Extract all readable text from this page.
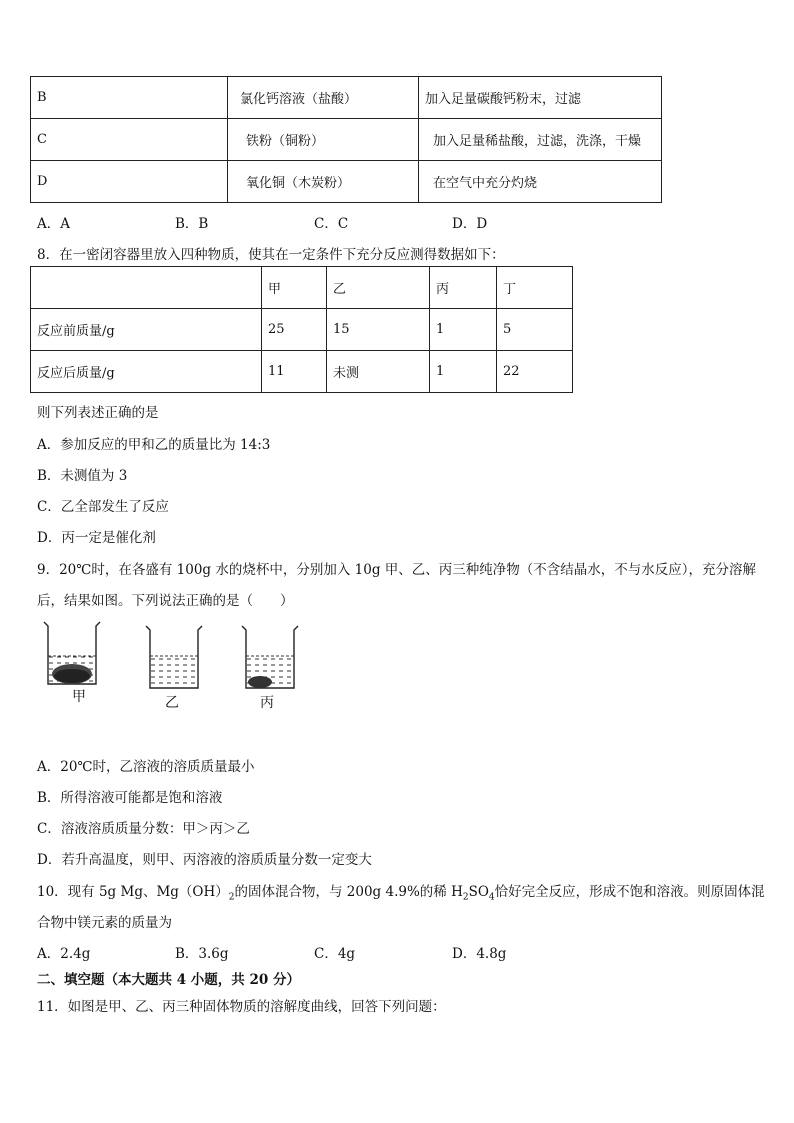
B	氯化钙溶液（盐酸）	加入足量碳酸钙粉末，过滤
C	铁粉（铜粉）	加入足量稀盐酸，过滤，洗涤，干燥
D	氧化铜（木炭粉）	在空气中充分灼烧
A．A	B．B	C．C	D．D
8．在一密闭容器里放入四种物质，使其在一定条件下充分反应测得数据如下：
	甲	乙	丙	丁
反应前质量/g	25	15	1	5
反应后质量/g	11	未测	1	22
则下列表述正确的是
A．参加反应的甲和乙的质量比为 14:3
B．未测值为 3
C．乙全部发生了反应
D．丙一定是催化剂
9．20℃时，在各盛有 100g 水的烧杯中，分别加入 10g 甲、乙、丙三种纯净物（不含结晶水，不与水反应），充分溶解
后，结果如图。下列说法正确的是（　　）
甲	乙	丙
A．20℃时，乙溶液的溶质质量最小
B．所得溶液可能都是饱和溶液
C．溶液溶质质量分数：甲＞丙＞乙
D．若升高温度，则甲、丙溶液的溶质质量分数一定变大
10．现有 5g Mg、$Mg(OH)_2$的固体混合物，与 200g 4.9%的稀 $H_2SO_4$恰好完全反应，形成不饱和溶液。则原固体混
合物中镁元素的质量为
A．2.4g	B．3.6g	C．4g	D．4.8g
二、填空题（本大题共 4 小题，共 20 分）
11．如图是甲、乙、丙三种固体物质的溶解度曲线，回答下列问题：
